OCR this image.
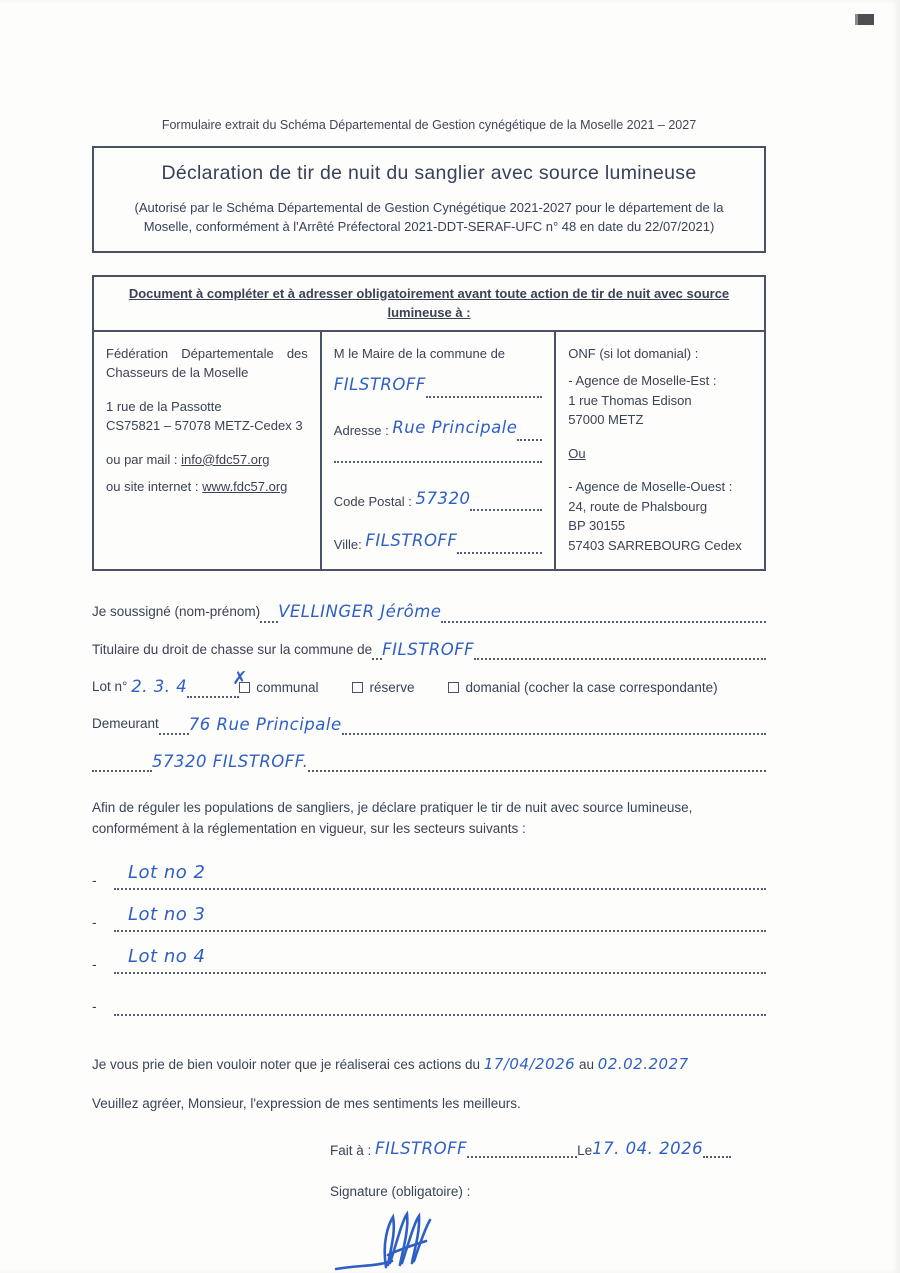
Formulaire extrait du Schéma Départemental de Gestion cynégétique de la Moselle 2021 – 2027
Déclaration de tir de nuit du sanglier avec source lumineuse
(Autorisé par le Schéma Départemental de Gestion Cynégétique 2021-2027 pour le département de la Moselle, conformément à l'Arrêté Préfectoral 2021-DDT-SERAF-UFC n° 48 en date du 22/07/2021)
Document à compléter et à adresser obligatoirement avant toute action de tir de nuit avec source lumineuse à :
Fédération Départementale des Chasseurs de la Moselle
1 rue de la Passotte
CS75821 – 57078 METZ-Cedex 3
ou par mail : info@fdc57.org
ou site internet : www.fdc57.org
M le Maire de la commune de
FILSTROFF
Adresse :
Rue Principale
Code Postal :
57320
Ville:
FILSTROFF
ONF (si lot domanial) :
- Agence de Moselle-Est :
1 rue Thomas Edison
57000 METZ
Ou
- Agence de Moselle-Ouest :
24, route de Phalsbourg
BP 30155
57403 SARREBOURG Cedex
Je soussigné (nom-prénom) VELLINGER Jérôme
Titulaire du droit de chasse sur la commune de FILSTROFF
Lot n°
2. 3. 4	✗ communal	réserve	domanial (cocher la case correspondante)
Demeurant 76 Rue Principale
57320 FILSTROFF.
Afin de réguler les populations de sangliers, je déclare pratiquer le tir de nuit avec source lumineuse, conformément à la réglementation en vigueur, sur les secteurs suivants :
-	Lot no 2
-	Lot no 3
-	Lot no 4
-
Je vous prie de bien vouloir noter que je réaliserai ces actions du 17/04/2026 au 02.02.2027
Veuillez agréer, Monsieur, l'expression de mes sentiments les meilleurs.
Fait à :
FILSTROFF	Le 17. 04. 2026
Signature (obligatoire) :
